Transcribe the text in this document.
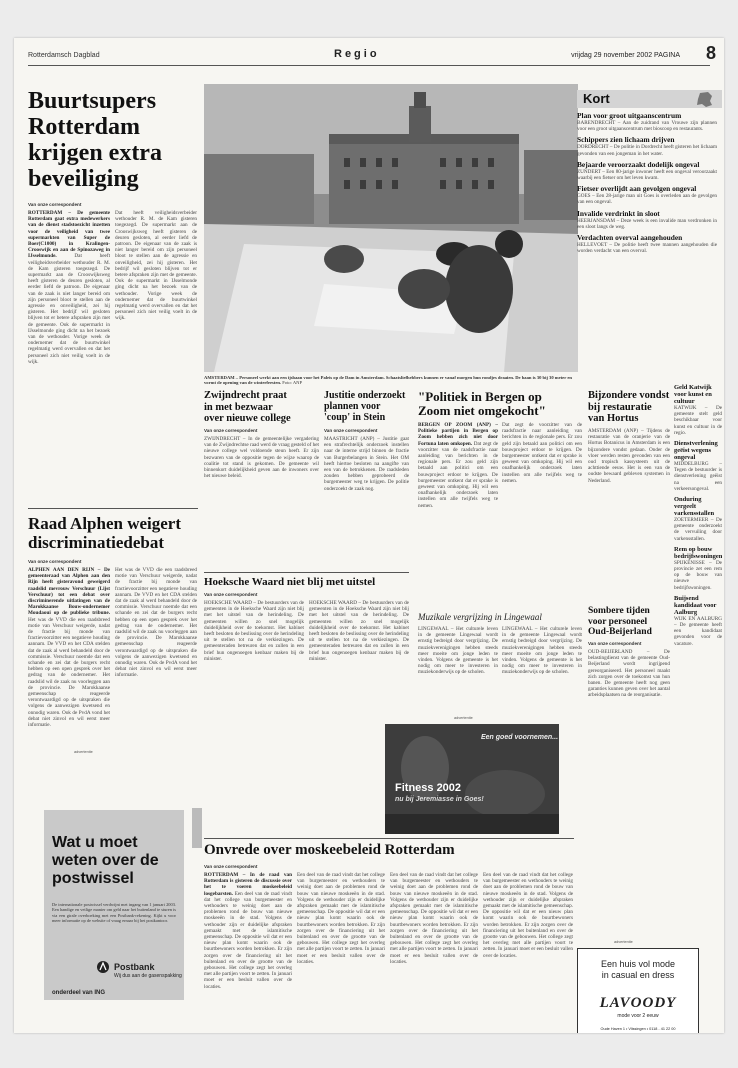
Rotterdamsch Dagblad	Regio	vrijdag 29 november 2002 PAGINA 8
Buurtsupers
Rotterdam
krijgen extra
beveiliging
Van onze correspondent
ROTTERDAM – De gemeente Rotterdam gaat extra medewerkers van de dienst stadstoezicht inzetten voor de veiligheid van twee supermarkten van Super de Boer(C1000) in Kralingen-Crooswijk en aan de Spinozaweg in IJsselmonde.	Dat heeft veiligheidsverbeider wethouder R. M. de Kam gisteren toegezegd. De supermarkt aan de Crooswijksweg heeft gisteren de deuren gesloten, al eerder liefd de patroon. De eigenaar van de zaak is niet langer bereid om zijn personeel bloot te stellen aan de agressie en onveiligheid, zei hij gisteren. Het bedrijf wil gesloten blijven tot er betere afspraken zijn met de gemeente. Ook de supermarkt in IJsselmonde ging dicht na het bezoek van de wethouder. Vorige week de ondernemer dat de buurtwinkel regelmatig werd overvallen en dat het personeel zich niet veilig voelt in de wijk.
Dat heeft veiligheidsverbeider wethouder R. M. de Kam gisteren toegezegd. De supermarkt aan de Crooswijksweg heeft gisteren de deuren gesloten, al eerder liefd de patroon. De eigenaar van de zaak is niet langer bereid om zijn personeel bloot te stellen aan de agressie en onveiligheid, zei hij gisteren. Het bedrijf wil gesloten blijven tot er betere afspraken zijn met de gemeente. Ook de supermarkt in IJsselmonde ging dicht na het bezoek van de wethouder. Vorige week de ondernemer dat de buurtwinkel regelmatig werd overvallen en dat het personeel zich niet veilig voelt in de wijk.
Raad Alphen weigert
discriminatiedebat
Van onze correspondent
ALPHEN AAN DEN RIJN – De gemeenteraad van Alphen aan den Rijn heeft gisteravond geweigerd raadslid mevrouw Verschuur (Lijst Verschuur) tot een debat over discriminerende uitlatingen van de Marokkaanse Bouw-ondernemer Moudaoui op de publieke tribune. Het was de VVD die een raadsbreed motie van Verschuur weigerde, nadat de fractie bij monde van fractievoorzitter een negatieve houding aannam. De VVD en het CDA stelden dat de zaak al werd behandeld door de commissie. Verschuur noemde dat een schande en zei dat de burgers recht hebben op een open gesprek over het gedrag van de ondernemer. Het raadslid wil de zaak nu voorleggen aan de provincie. De Marokkaanse gemeenschap reageerde verontwaardigd op de uitspraken die volgens de aanwezigen kwetsend en onnodig waren. Ook de PvdA vond het debat niet zinvol en wil eerst meer informatie.
Het was de VVD die een raadsbreed motie van Verschuur weigerde, nadat de fractie bij monde van fractievoorzitter een negatieve houding aannam. De VVD en het CDA stelden dat de zaak al werd behandeld door de commissie. Verschuur noemde dat een schande en zei dat de burgers recht hebben op een open gesprek over het gedrag van de ondernemer. Het raadslid wil de zaak nu voorleggen aan de provincie. De Marokkaanse gemeenschap reageerde verontwaardigd op de uitspraken die volgens de aanwezigen kwetsend en onnodig waren. Ook de PvdA vond het debat niet zinvol en wil eerst meer informatie.
advertentie
Wat u moet weten over de postwissel
De internationale postwissel verdwijnt met ingang van 1 januari 2003. Een handige en veilige manier om geld naar het buitenland te sturen is via een girale overboeking met een Postbank-rekening. Kijkt u voor meer informatie op de website of vraag ernaar bij het postkantoor.
Postbank
Wij dus aan de gasenspakking
onderdeel van ING
AMSTERDAM – Personeel werkt aan een ijsbaan voor het Paleis op de Dam in Amsterdam. Schaatsliefhebbers kunnen er vanaf morgen hun rondjes draaien. De baan is 30 bij 30 meter en vormt de opening van de winterfeesten. Foto: ANP
Zwijndrecht praat
in met bezwaar
over nieuwe college
Van onze correspondent
ZWIJNDRECHT – In de gemeentelijke vergadering van de Zwijndrechtse raad werd de vraag gesteld of het nieuwe college wel voldoende steun heeft. Er zijn bezwaren van de oppositie tegen de wijze waarop de coalitie tot stand is gekomen. De gemeente wil binnenkort duidelijkheid geven aan de inwoners over het nieuwe beleid.
Justitie onderzoekt
plannen voor
'coup' in Stein
Van onze correspondent
MAASTRICHT (ANP) – Justitie gaat een strafrechtelijk onderzoek instellen naar de interne strijd binnen de fractie van Burgerbelangen in Stein. Het OM heeft hiertoe besloten na aangifte van een van de betrokkenen. De raadsleden zouden hebben geprobeerd de burgemeester weg te krijgen. De politie onderzoekt de zaak nog.
Hoeksche Waard niet blij met uitstel
Van onze correspondent
HOEKSCHE WAARD – De bestuurders van de gemeenten in de Hoeksche Waard zijn niet blij met het uitstel van de herindeling. De gemeenten willen zo snel mogelijk duidelijkheid over de toekomst. Het kabinet heeft besloten de beslissing over de herindeling uit te stellen tot na de verkiezingen. De gemeenteraden betreuren dat en zullen in een brief hun ongenoegen kenbaar maken bij de minister.
HOEKSCHE WAARD – De bestuurders van de gemeenten in de Hoeksche Waard zijn niet blij met het uitstel van de herindeling. De gemeenten willen zo snel mogelijk duidelijkheid over de toekomst. Het kabinet heeft besloten de beslissing over de herindeling uit te stellen tot na de verkiezingen. De gemeenteraden betreuren dat en zullen in een brief hun ongenoegen kenbaar maken bij de minister.
"Politiek in Bergen op
Zoom niet omgekocht"
BERGEN OP ZOOM (ANP) – Politieke partijen in Bergen op Zoom hebben zich niet door Fortuna laten omkopen. Dat zegt de voorzitter van de raadsfractie naar aanleiding van berichten in de regionale pers. Er zou geld zijn betaald aan politici om een bouwproject erdoor te krijgen. De burgemeester ontkent dat er sprake is geweest van omkoping. Hij wil een onafhankelijk onderzoek laten instellen om alle twijfels weg te nemen.
Dat zegt de voorzitter van de raadsfractie naar aanleiding van berichten in de regionale pers. Er zou geld zijn betaald aan politici om een bouwproject erdoor te krijgen. De burgemeester ontkent dat er sprake is geweest van omkoping. Hij wil een onafhankelijk onderzoek laten instellen om alle twijfels weg te nemen.
Muzikale vergrijzing in Lingewaal
LINGEWAAL – Het culturele leven in de gemeente Lingewaal wordt ernstig bedreigd door vergrijzing. De muziekverenigingen hebben steeds meer moeite om jonge leden te vinden. Volgens de gemeente is het nodig om meer te investeren in muziekonderwijs op de scholen.
LINGEWAAL – Het culturele leven in de gemeente Lingewaal wordt ernstig bedreigd door vergrijzing. De muziekverenigingen hebben steeds meer moeite om jonge leden te vinden. Volgens de gemeente is het nodig om meer te investeren in muziekonderwijs op de scholen.
advertentie
Een goed voornemen...
Fitness 2002
nu bij Jeremiasse in Goes!
Bijzondere vondst
bij restauratie
van Hortus
AMSTERDAM (ANP) – Tijdens de restauratie van de oranjerie van de Hortus Botanicus in Amsterdam is een bijzondere vondst gedaan. Onder de vloer werden resten gevonden van een oud tropisch kassysteem uit de achttiende eeuw. Het is een van de oudste bewaard gebleven systemen in Nederland.
Sombere tijden
voor personeel
Oud-Beijerland
Van onze correspondent
OUD-BEIJERLAND – De belastingdienst van de gemeente Oud-Beijerland wordt ingrijpend gereorganiseerd. Het personeel maakt zich zorgen over de toekomst van hun banen. De gemeente heeft nog geen garanties kunnen geven over het aantal arbeidsplaatsen na de reorganisatie.
Onvrede over moskeebeleid Rotterdam
Van onze correspondent
ROTTERDAM – In de raad van Rotterdam is gisteren de discussie over het te voeren moskeebeleid losgebarsten. Een deel van de raad vindt dat het college van burgemeester en wethouders te weinig doet aan de problemen rond de bouw van nieuwe moskeeën in de stad. Volgens de wethouder zijn er duidelijke afspraken gemaakt met de islamitische gemeenschap. De oppositie wil dat er een nieuw plan komt waarin ook de buurtbewoners worden betrokken. Er zijn zorgen over de financiering uit het buitenland en over de grootte van de gebouwen. Het college zegt het overleg met alle partijen voort te zetten. In januari moet er een besluit vallen over de locaties.
Een deel van de raad vindt dat het college van burgemeester en wethouders te weinig doet aan de problemen rond de bouw van nieuwe moskeeën in de stad. Volgens de wethouder zijn er duidelijke afspraken gemaakt met de islamitische gemeenschap. De oppositie wil dat er een nieuw plan komt waarin ook de buurtbewoners worden betrokken. Er zijn zorgen over de financiering uit het buitenland en over de grootte van de gebouwen. Het college zegt het overleg met alle partijen voort te zetten. In januari moet er een besluit vallen over de locaties.
Een deel van de raad vindt dat het college van burgemeester en wethouders te weinig doet aan de problemen rond de bouw van nieuwe moskeeën in de stad. Volgens de wethouder zijn er duidelijke afspraken gemaakt met de islamitische gemeenschap. De oppositie wil dat er een nieuw plan komt waarin ook de buurtbewoners worden betrokken. Er zijn zorgen over de financiering uit het buitenland en over de grootte van de gebouwen. Het college zegt het overleg met alle partijen voort te zetten. In januari moet er een besluit vallen over de locaties.
Een deel van de raad vindt dat het college van burgemeester en wethouders te weinig doet aan de problemen rond de bouw van nieuwe moskeeën in de stad. Volgens de wethouder zijn er duidelijke afspraken gemaakt met de islamitische gemeenschap. De oppositie wil dat er een nieuw plan komt waarin ook de buurtbewoners worden betrokken. Er zijn zorgen over de financiering uit het buitenland en over de grootte van de gebouwen. Het college zegt het overleg met alle partijen voort te zetten. In januari moet er een besluit vallen over de locaties.
Kort
Plan voor groot uitgaanscentrum
BARENDRECHT – Aan de zuidrand van Vrouwe zijn plannen voor een groot uitgaanscentrum met bioscoop en restaurants.
Schippers zien lichaam drijven
DORDRECHT – De politie in Dordrecht heeft gisteren het lichaam gevonden van een jongeman in het water.
Bejaarde veroorzaakt dodelijk ongeval
ZUNDERT – Een 80-jarige inwoner heeft een ongeval veroorzaakt waarbij een fietser om het leven kwam.
Fietser overlijdt aan gevolgen ongeval
GOES – Een 28-jarige man uit Goes is overleden aan de gevolgen van een ongeval.
Invalide verdrinkt in sloot
HEERJANSDAM – Deze week is een invalide man verdronken in een sloot langs de weg.
Verdachten overval aangehouden
HELLEVOET – De politie heeft twee mannen aangehouden die worden verdacht van een overval.
Geld Katwijk voor kunst en cultuur
KATWIJK – De gemeente stelt geld beschikbaar voor kunst en cultuur in de regio.
Dienstverlening geëist wegens ongeval
MIDDELBURG – Tegen de bestuurder is dienstverlening geëist na een verkeersongeval.
Onduring vergeelt varkensstallen
ZOETERMEER – De gemeente onderzoekt de vervuiling door varkensstallen.
Rem op bouw bedrijfswoningen
SPIJKENISSE – De provincie zet een rem op de bouw van nieuwe bedrijfswoningen.
Buijsend kandidaat voor Aalburg
WIJK EN AALBURG – De gemeente heeft een kandidaat gevonden voor de vacature.
advertentie
Een huis vol mode
in casual en dress
LAVOODY
mode voor 2 eeuw
Oude Haven 1 • Vlissingen • 0118 - 41 22 00
